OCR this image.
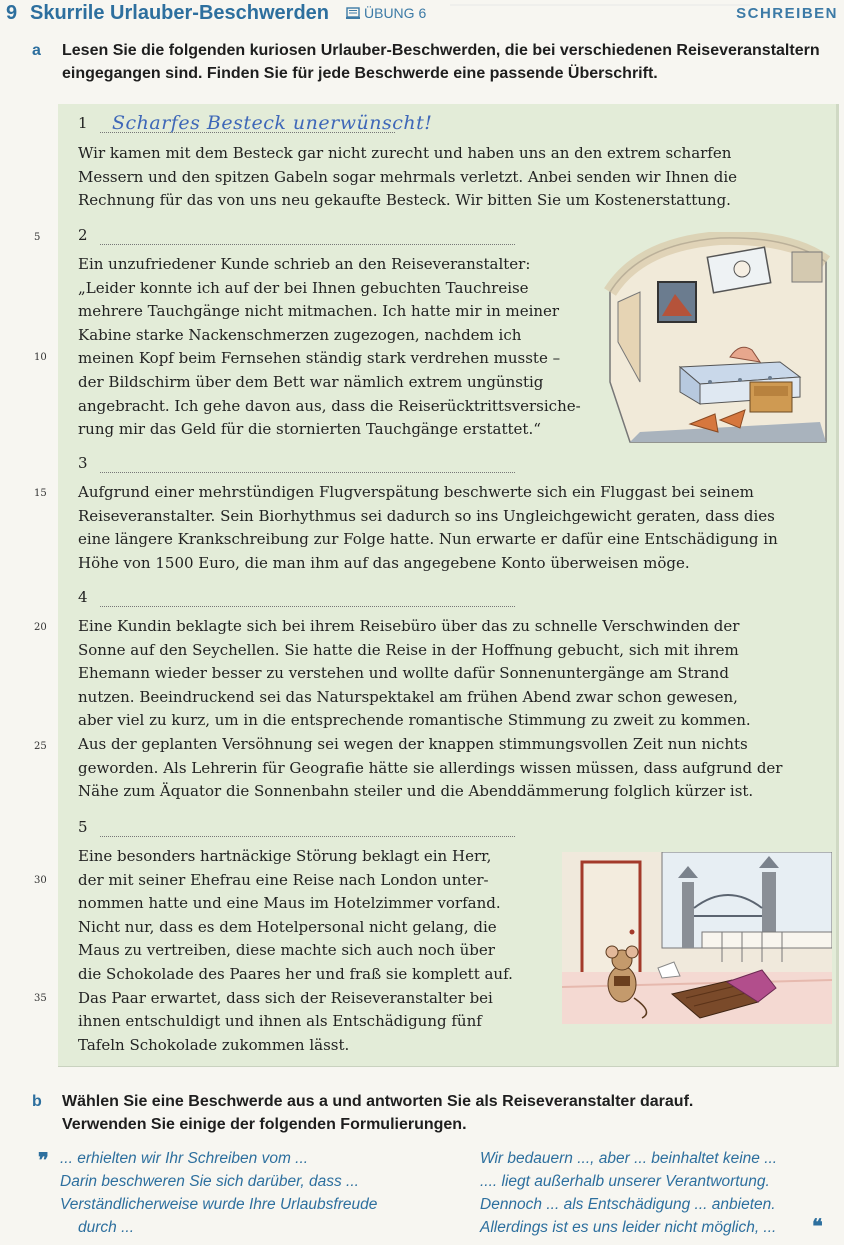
9 Skurrile Urlauber-Beschwerden	ÜBUNG 6	SCHREIBEN
a Lesen Sie die folgenden kuriosen Urlauber-Beschwerden, die bei verschiedenen Reiseveranstaltern
eingegangen sind. Finden Sie für jede Beschwerde eine passende Überschrift.
1 Scharfes Besteck unerwünscht!
Wir kamen mit dem Besteck gar nicht zurecht und haben uns an den extrem scharfen
Messern und den spitzen Gabeln sogar mehrmals verletzt. Anbei senden wir Ihnen die
Rechnung für das von uns neu gekaufte Besteck. Wir bitten Sie um Kostenerstattung.
5	2
Ein unzufriedener Kunde schrieb an den Reiseveranstalter:
„Leider konnte ich auf der bei Ihnen gebuchten Tauchreise
mehrere Tauchgänge nicht mitmachen. Ich hatte mir in meiner
Kabine starke Nackenschmerzen zugezogen, nachdem ich
meinen Kopf beim Fernsehen ständig stark verdrehen musste –
der Bildschirm über dem Bett war nämlich extrem ungünstig
angebracht. Ich gehe davon aus, dass die Reiserücktrittsversiche-
rung mir das Geld für die stornierten Tauchgänge erstattet.“
10
3
15 Aufgrund einer mehrstündigen Flugverspätung beschwerte sich ein Fluggast bei seinem
Reiseveranstalter. Sein Biorhythmus sei dadurch so ins Ungleichgewicht geraten, dass dies
eine längere Krankschreibung zur Folge hatte. Nun erwarte er dafür eine Entschädigung in
Höhe von 1500 Euro, die man ihm auf das angegebene Konto überweisen möge.
4
20 Eine Kundin beklagte sich bei ihrem Reisebüro über das zu schnelle Verschwinden der
Sonne auf den Seychellen. Sie hatte die Reise in der Hoffnung gebucht, sich mit ihrem
Ehemann wieder besser zu verstehen und wollte dafür Sonnenuntergänge am Strand
nutzen. Beeindruckend sei das Naturspektakel am frühen Abend zwar schon gewesen,
aber viel zu kurz, um in die entsprechende romantische Stimmung zu zweit zu kommen.
Aus der geplanten Versöhnung sei wegen der knappen stimmungsvollen Zeit nun nichts
geworden. Als Lehrerin für Geografie hätte sie allerdings wissen müssen, dass aufgrund der
Nähe zum Äquator die Sonnenbahn steiler und die Abenddämmerung folglich kürzer ist.
25
5
Eine besonders hartnäckige Störung beklagt ein Herr,
der mit seiner Ehefrau eine Reise nach London unter-
nommen hatte und eine Maus im Hotelzimmer vorfand.
Nicht nur, dass es dem Hotelpersonal nicht gelang, die
Maus zu vertreiben, diese machte sich auch noch über
die Schokolade des Paares her und fraß sie komplett auf.
Das Paar erwartet, dass sich der Reiseveranstalter bei
ihnen entschuldigt und ihnen als Entschädigung fünf
Tafeln Schokolade zukommen lässt.
30
35
b Wählen Sie eine Beschwerde aus a und antworten Sie als Reiseveranstalter darauf.
Verwenden Sie einige der folgenden Formulierungen.
❞ ... erhielten wir Ihr Schreiben vom ...
Darin beschweren Sie sich darüber, dass ...
Verständlicherweise wurde Ihre Urlaubsfreude
durch ...
Wir bedauern ..., aber ... beinhaltet keine ...
.... liegt außerhalb unserer Verantwortung.
Dennoch ... als Entschädigung ... anbieten.
Allerdings ist es uns leider nicht möglich, ... ❝
